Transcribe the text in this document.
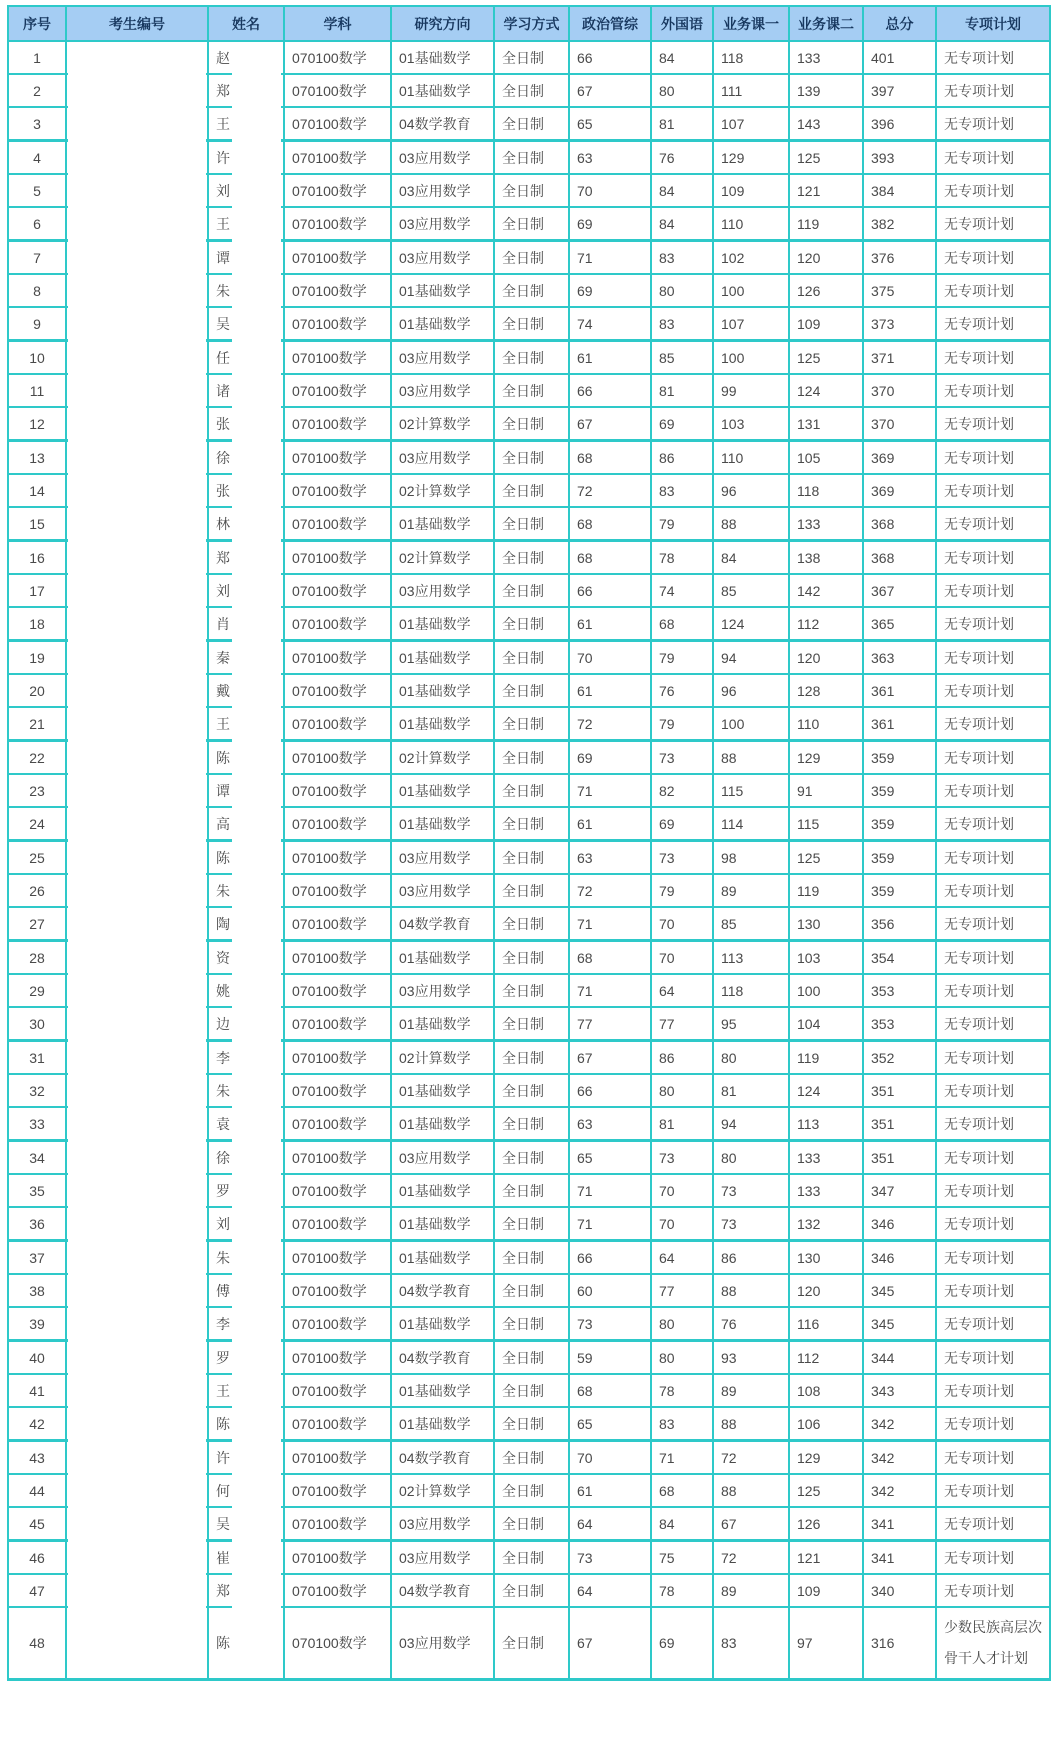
序号	考生编号	姓名	学科	研究方向	学习方式	政治管综	外国语	业务课一	业务课二	总分	专项计划
1		赵	070100数学	01基础数学	全日制	66	84	118	133	401	无专项计划
2		郑	070100数学	01基础数学	全日制	67	80	111	139	397	无专项计划
3		王	070100数学	04数学教育	全日制	65	81	107	143	396	无专项计划
4		许	070100数学	03应用数学	全日制	63	76	129	125	393	无专项计划
5		刘	070100数学	03应用数学	全日制	70	84	109	121	384	无专项计划
6		王	070100数学	03应用数学	全日制	69	84	110	119	382	无专项计划
7		谭	070100数学	03应用数学	全日制	71	83	102	120	376	无专项计划
8		朱	070100数学	01基础数学	全日制	69	80	100	126	375	无专项计划
9		吴	070100数学	01基础数学	全日制	74	83	107	109	373	无专项计划
10		任	070100数学	03应用数学	全日制	61	85	100	125	371	无专项计划
11		诸	070100数学	03应用数学	全日制	66	81	99	124	370	无专项计划
12		张	070100数学	02计算数学	全日制	67	69	103	131	370	无专项计划
13		徐	070100数学	03应用数学	全日制	68	86	110	105	369	无专项计划
14		张	070100数学	02计算数学	全日制	72	83	96	118	369	无专项计划
15		林	070100数学	01基础数学	全日制	68	79	88	133	368	无专项计划
16		郑	070100数学	02计算数学	全日制	68	78	84	138	368	无专项计划
17		刘	070100数学	03应用数学	全日制	66	74	85	142	367	无专项计划
18		肖	070100数学	01基础数学	全日制	61	68	124	112	365	无专项计划
19		秦	070100数学	01基础数学	全日制	70	79	94	120	363	无专项计划
20		戴	070100数学	01基础数学	全日制	61	76	96	128	361	无专项计划
21		王	070100数学	01基础数学	全日制	72	79	100	110	361	无专项计划
22		陈	070100数学	02计算数学	全日制	69	73	88	129	359	无专项计划
23		谭	070100数学	01基础数学	全日制	71	82	115	91	359	无专项计划
24		高	070100数学	01基础数学	全日制	61	69	114	115	359	无专项计划
25		陈	070100数学	03应用数学	全日制	63	73	98	125	359	无专项计划
26		朱	070100数学	03应用数学	全日制	72	79	89	119	359	无专项计划
27		陶	070100数学	04数学教育	全日制	71	70	85	130	356	无专项计划
28		资	070100数学	01基础数学	全日制	68	70	113	103	354	无专项计划
29		姚	070100数学	03应用数学	全日制	71	64	118	100	353	无专项计划
30		边	070100数学	01基础数学	全日制	77	77	95	104	353	无专项计划
31		李	070100数学	02计算数学	全日制	67	86	80	119	352	无专项计划
32		朱	070100数学	01基础数学	全日制	66	80	81	124	351	无专项计划
33		袁	070100数学	01基础数学	全日制	63	81	94	113	351	无专项计划
34		徐	070100数学	03应用数学	全日制	65	73	80	133	351	无专项计划
35		罗	070100数学	01基础数学	全日制	71	70	73	133	347	无专项计划
36		刘	070100数学	01基础数学	全日制	71	70	73	132	346	无专项计划
37		朱	070100数学	01基础数学	全日制	66	64	86	130	346	无专项计划
38		傅	070100数学	04数学教育	全日制	60	77	88	120	345	无专项计划
39		李	070100数学	01基础数学	全日制	73	80	76	116	345	无专项计划
40		罗	070100数学	04数学教育	全日制	59	80	93	112	344	无专项计划
41		王	070100数学	01基础数学	全日制	68	78	89	108	343	无专项计划
42		陈	070100数学	01基础数学	全日制	65	83	88	106	342	无专项计划
43		许	070100数学	04数学教育	全日制	70	71	72	129	342	无专项计划
44		何	070100数学	02计算数学	全日制	61	68	88	125	342	无专项计划
45		吴	070100数学	03应用数学	全日制	64	84	67	126	341	无专项计划
46		崔	070100数学	03应用数学	全日制	73	75	72	121	341	无专项计划
47		郑	070100数学	04数学教育	全日制	64	78	89	109	340	无专项计划
48		陈	070100数学	03应用数学	全日制	67	69	83	97	316	少数民族高层次骨干人才计划
